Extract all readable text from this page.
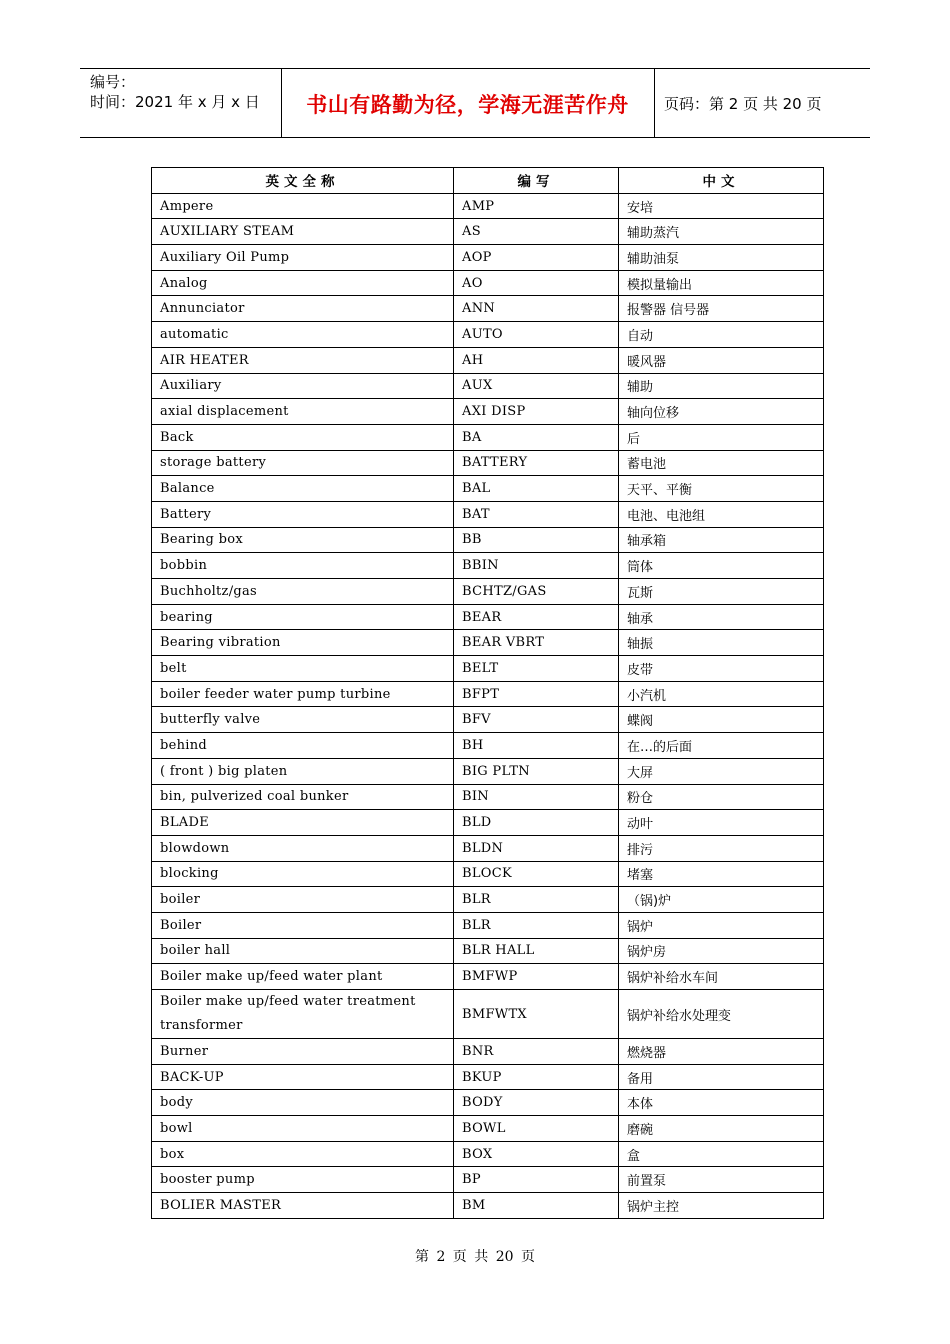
编号：
时间：2021 年 x 月 x 日	书山有路勤为径，学海无涯苦作舟	页码：第 2 页 共 20 页
英文全称	编写	中文
Ampere	AMP	安培
AUXILIARY STEAM	AS	辅助蒸汽
Auxiliary Oil Pump	AOP	辅助油泵
Analog	AO	模拟量输出
Annunciator	ANN	报警器 信号器
automatic	AUTO	自动
AIR HEATER	AH	暖风器
Auxiliary	AUX	辅助
axial displacement	AXI DISP	轴向位移
Back	BA	后
storage battery	BATTERY	蓄电池
Balance	BAL	天平、平衡
Battery	BAT	电池、电池组
Bearing box	BB	轴承箱
bobbin	BBIN	筒体
Buchholtz/gas	BCHTZ/GAS	瓦斯
bearing	BEAR	轴承
Bearing vibration	BEAR VBRT	轴振
belt	BELT	皮带
boiler feeder water pump turbine	BFPT	小汽机
butterfly valve	BFV	蝶阀
behind	BH	在…的后面
( front ) big platen	BIG PLTN	大屏
bin, pulverized coal bunker	BIN	粉仓
BLADE	BLD	动叶
blowdown	BLDN	排污
blocking	BLOCK	堵塞
boiler	BLR	（锅)炉
Boiler	BLR	锅炉
boiler hall	BLR HALL	锅炉房
Boiler make up/feed water plant	BMFWP	锅炉补给水车间
Boiler make up/feed water treatment transformer	BMFWTX	锅炉补给水处理变
Burner	BNR	燃烧器
BACK-UP	BKUP	备用
body	BODY	本体
bowl	BOWL	磨碗
box	BOX	盒
booster pump	BP	前置泵
BOLIER MASTER	BM	锅炉主控
第 2 页 共 20 页
